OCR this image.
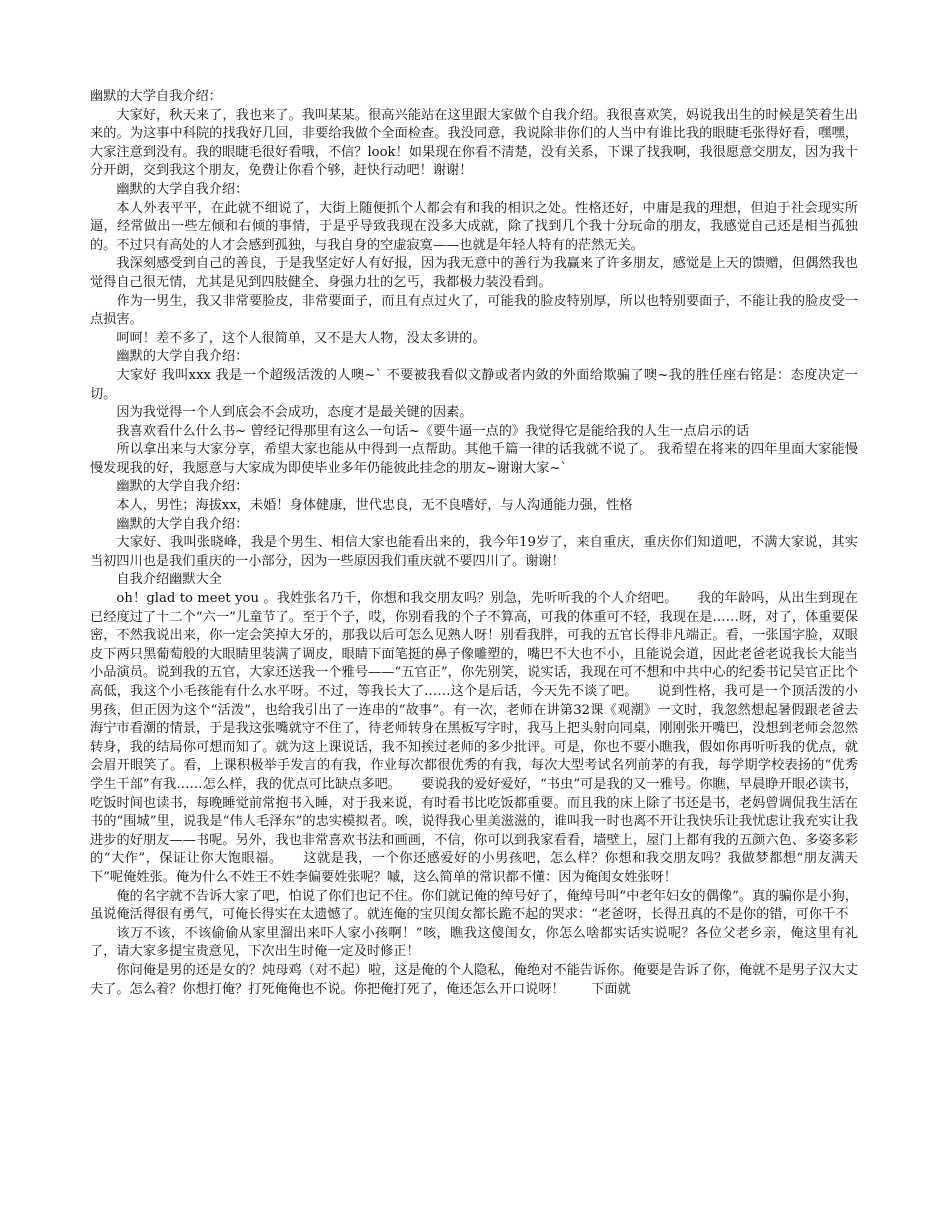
幽默的大学自我介绍：

大家好，秋天来了，我也来了。我叫某某。很高兴能站在这里跟大家做个自我介绍。我很喜欢笑，妈说我出生的时候是笑着生出来的。为这事中科院的找我好几回，非要给我做个全面检查。我没同意，我说除非你们的人当中有谁比我的眼睫毛张得好看，嘿嘿，大家注意到没有。我的眼睫毛很好看哦，不信？look！如果现在你看不清楚，没有关系，下课了找我啊，我很愿意交朋友，因为我十分开朗，交到我这个朋友，免费让你看个够，赶快行动吧！谢谢！

幽默的大学自我介绍：

本人外表平平，在此就不细说了，大街上随便抓个人都会有和我的相识之处。性格还好，中庸是我的理想，但迫于社会现实所逼，经常做出一些左倾和右倾的事情，于是乎导致我现在没多大成就，除了找到几个我十分玩命的朋友，我感觉自己还是相当孤独的。不过只有高处的人才会感到孤独，与我自身的空虚寂寞——也就是年轻人特有的茫然无关。

我深刻感受到自己的善良，于是我坚定好人有好报，因为我无意中的善行为我赢来了许多朋友，感觉是上天的馈赠，但偶然我也觉得自己很无情，尤其是见到四肢健全、身强力壮的乞丐，我都极力装没看到。

作为一男生，我又非常要脸皮，非常要面子，而且有点过火了，可能我的脸皮特别厚，所以也特别要面子，不能让我的脸皮受一点损害。

呵呵！差不多了，这个人很简单，又不是大人物，没太多讲的。

幽默的大学自我介绍：

大家好 我叫xxx 我是一个超级活泼的人噢~` 不要被我看似文静或者内敛的外面给欺骗了噢~我的胜任座右铭是：态度决定一切。

因为我觉得一个人到底会不会成功，态度才是最关键的因素。

我喜欢看什么什么书~ 曾经记得那里有这么一句话~《要牛逼一点的》我觉得它是能给我的人生一点启示的话

所以拿出来与大家分享，希望大家也能从中得到一点帮助。其他千篇一律的话我就不说了。 我希望在将来的四年里面大家能慢慢发现我的好，我愿意与大家成为即使毕业多年仍能彼此挂念的朋友~谢谢大家~`

幽默的大学自我介绍：

本人，男性；海拔xx，未婚！身体健康，世代忠良，无不良嗜好，与人沟通能力强，性格

幽默的大学自我介绍：

大家好、我叫张晓峰，我是个男生、相信大家也能看出来的，我今年19岁了，来自重庆，重庆你们知道吧，不满大家说，其实当初四川也是我们重庆的一小部分，因为一些原因我们重庆就不要四川了。谢谢！

自我介绍幽默大全

oh！glad to meet you 。我姓张名乃千，你想和我交朋友吗？别急，先听听我的个人介绍吧。　　我的年龄吗，从出生到现在已经度过了十二个“六一”儿童节了。至于个子，哎，你别看我的个子不算高，可我的体重可不轻，我现在是……呀，对了，体重要保密，不然我说出来，你一定会笑掉大牙的，那我以后可怎么见熟人呀！别看我胖，可我的五官长得非凡端正。看，一张国字脸，双眼皮下两只黑葡萄般的大眼睛里装满了调皮，眼睛下面笔挺的鼻子像雕塑的，嘴巴不大也不小，且能说会道，因此老爸老说我长大能当小品演员。说到我的五官，大家还送我一个雅号——“五官正”，你先别笑，说实话，我现在可不想和中共中心的纪委书记吴官正比个高低，我这个小毛孩能有什么水平呀。不过，等我长大了……这个是后话，今天先不谈了吧。　　说到性格，我可是一个顶活泼的小男孩，但正因为这个“活泼”，也给我引出了一连串的“故事”。有一次，老师在讲第32课《观潮》一文时，我忽然想起暑假跟老爸去海宁市看潮的情景，于是我这张嘴就守不住了，待老师转身在黑板写字时，我马上把头射向同桌，刚刚张开嘴巴，没想到老师会忽然转身，我的结局你可想而知了。就为这上课说话，我不知挨过老师的多少批评。可是，你也不要小瞧我，假如你再听听我的优点，就会眉开眼笑了。看，上课积极举手发言的有我，作业每次都很优秀的有我，每次大型考试名列前茅的有我，每学期学校表扬的“优秀学生干部”有我……怎么样，我的优点可比缺点多吧。　　要说我的爱好爱好，“书虫”可是我的又一雅号。你瞧，早晨睁开眼必读书，吃饭时间也读书，每晚睡觉前常抱书入睡，对于我来说，有时看书比吃饭都重要。而且我的床上除了书还是书，老妈曾调侃我生活在书的“围城”里，说我是“伟人毛泽东”的忠实模拟者。唉，说得我心里美滋滋的，谁叫我一时也离不开让我快乐让我忧虑让我充实让我进步的好朋友——书呢。另外，我也非常喜欢书法和画画，不信，你可以到我家看看，墙壁上，屋门上都有我的五颜六色、多姿多彩的“大作”，保证让你大饱眼福。　　这就是我，一个你还感爱好的小男孩吧，怎么样？你想和我交朋友吗？我做梦都想“朋友满天下”呢俺姓张。俺为什么不姓王不姓李偏要姓张呢？嘁，这么简单的常识都不懂：因为俺闺女姓张呀！

俺的名字就不告诉大家了吧，怕说了你们也记不住。你们就记俺的绰号好了，俺绰号叫“中老年妇女的偶像”。真的骗你是小狗，虽说俺活得很有勇气，可俺长得实在太遗憾了。就连俺的宝贝闺女都长跪不起的哭求：“老爸呀，长得丑真的不是你的错，可你千不

该万不该，不该偷偷从家里溜出来吓人家小孩啊！”咳，瞧我这傻闺女，你怎么啥都实话实说呢？各位父老乡亲，俺这里有礼了，请大家多提宝贵意见，下次出生时俺一定及时修正！

你问俺是男的还是女的？炖母鸡（对不起）啦，这是俺的个人隐私，俺绝对不能告诉你。俺要是告诉了你，俺就不是男子汉大丈夫了。怎么着？你想打俺？打死俺俺也不说。你把俺打死了，俺还怎么开口说呀！　　下面就
